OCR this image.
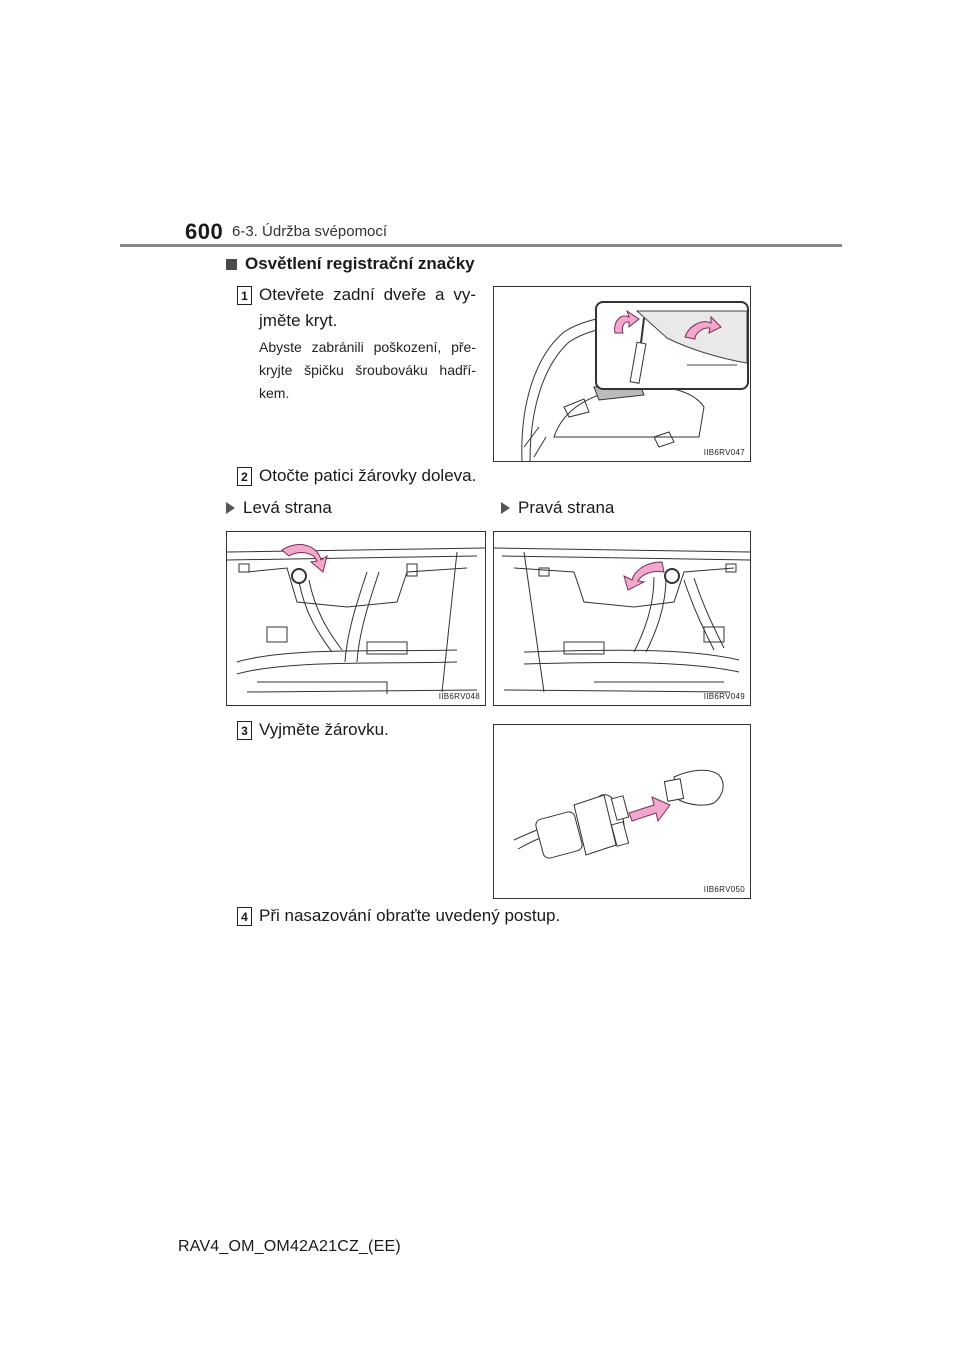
600 6-3. Údržba svépomocí
Osvětlení registrační značky
1 Otevřete zadní dveře a vy-
jměte kryt.
Abyste zabránili poškození, pře-
kryjte špičku šroubováku hadří-
kem.
IIB6RV047
2 Otočte patici žárovky doleva.
Levá strana	Pravá strana
IIB6RV048	IIB6RV049
3 Vyjměte žárovku.
IIB6RV050
4 Při nasazování obraťte uvedený postup.
RAV4_OM_OM42A21CZ_(EE)
